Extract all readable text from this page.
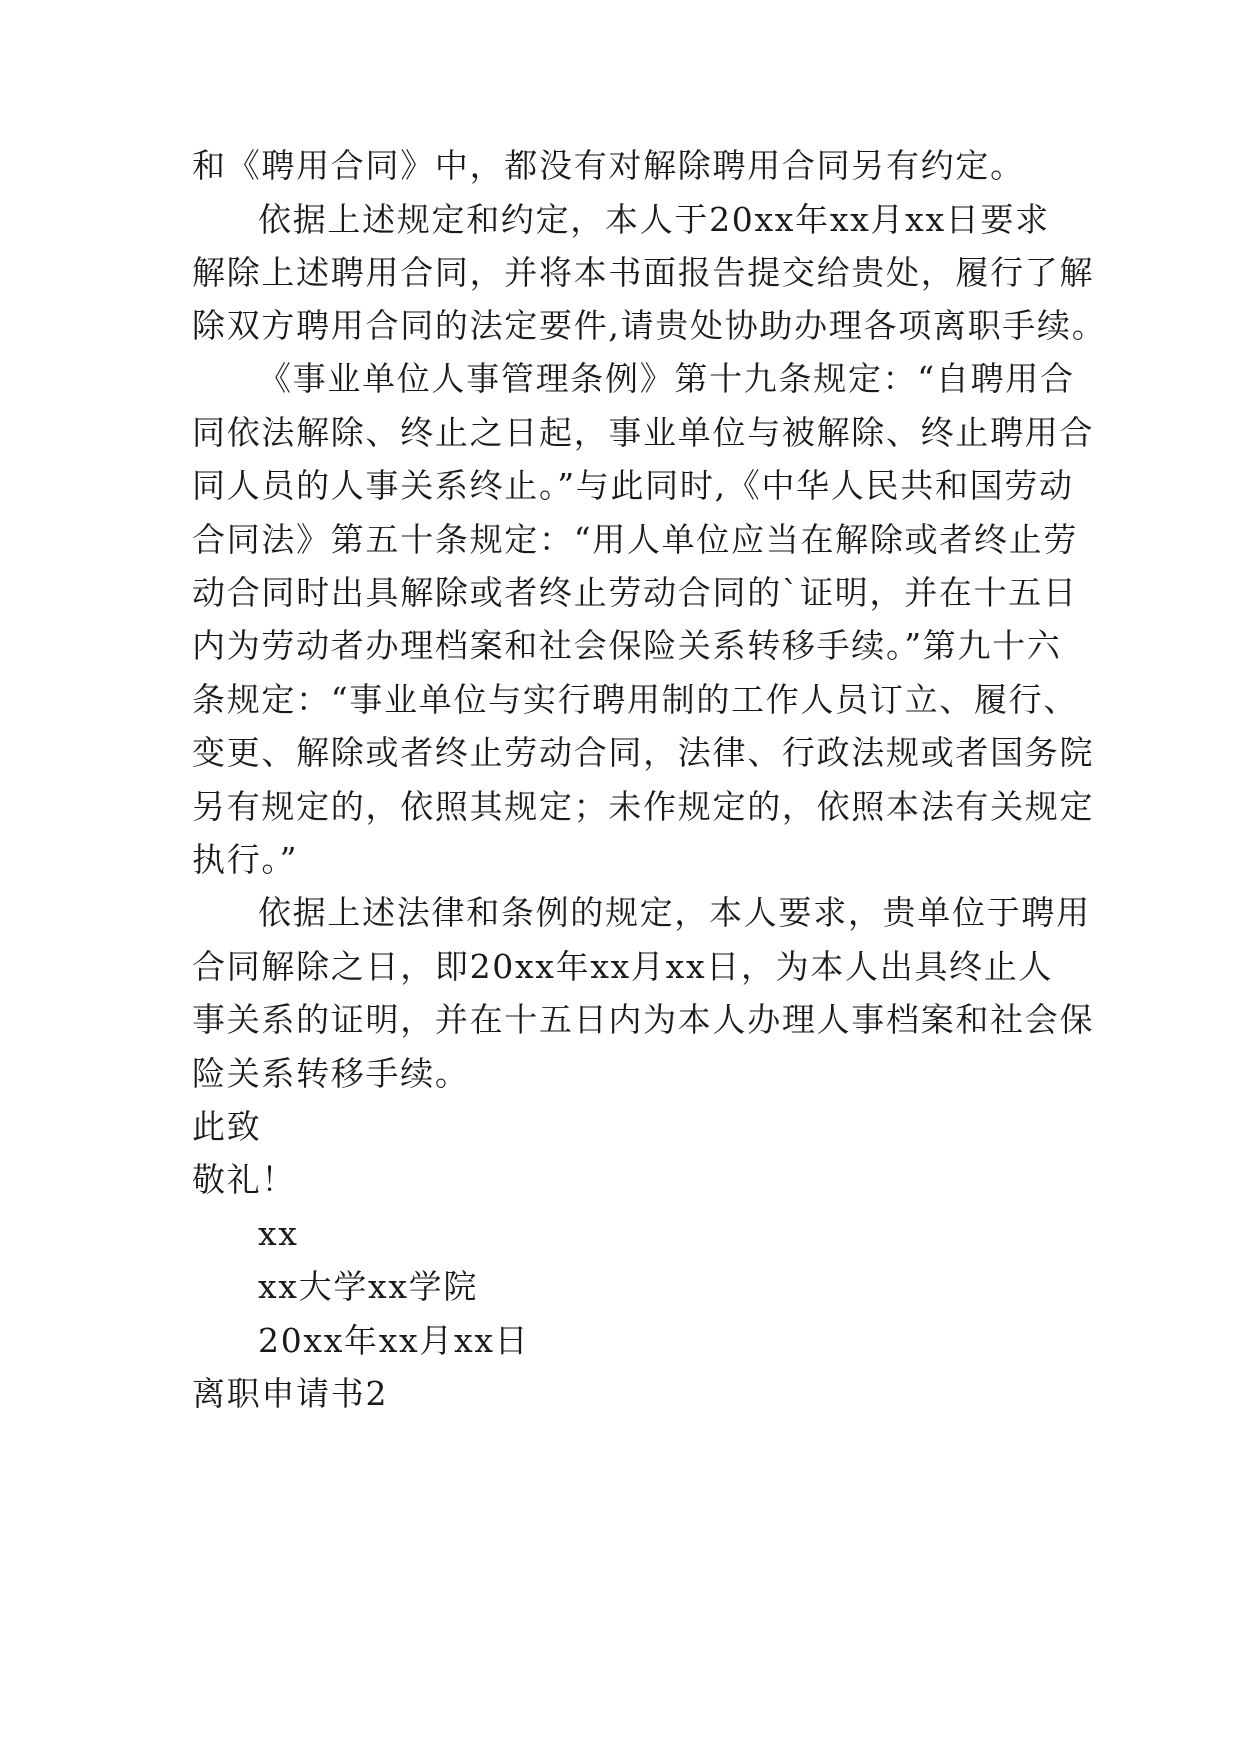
和《聘用合同》中，都没有对解除聘用合同另有约定。
依据上述规定和约定，本人于20xx年xx月xx日要求
解除上述聘用合同，并将本书面报告提交给贵处，履行了解
除双方聘用合同的法定要件,请贵处协助办理各项离职手续。
《事业单位人事管理条例》第十九条规定：“自聘用合
同依法解除、终止之日起，事业单位与被解除、终止聘用合
同人员的人事关系终止。”与此同时,《中华人民共和国劳动
合同法》第五十条规定：“用人单位应当在解除或者终止劳
动合同时出具解除或者终止劳动合同的`证明，并在十五日
内为劳动者办理档案和社会保险关系转移手续。”第九十六
条规定：“事业单位与实行聘用制的工作人员订立、履行、
变更、解除或者终止劳动合同，法律、行政法规或者国务院
另有规定的，依照其规定；未作规定的，依照本法有关规定
执行。”
依据上述法律和条例的规定，本人要求，贵单位于聘用
合同解除之日，即20xx年xx月xx日，为本人出具终止人
事关系的证明，并在十五日内为本人办理人事档案和社会保
险关系转移手续。
此致
敬礼！
xx
xx大学xx学院
20xx年xx月xx日
离职申请书2
